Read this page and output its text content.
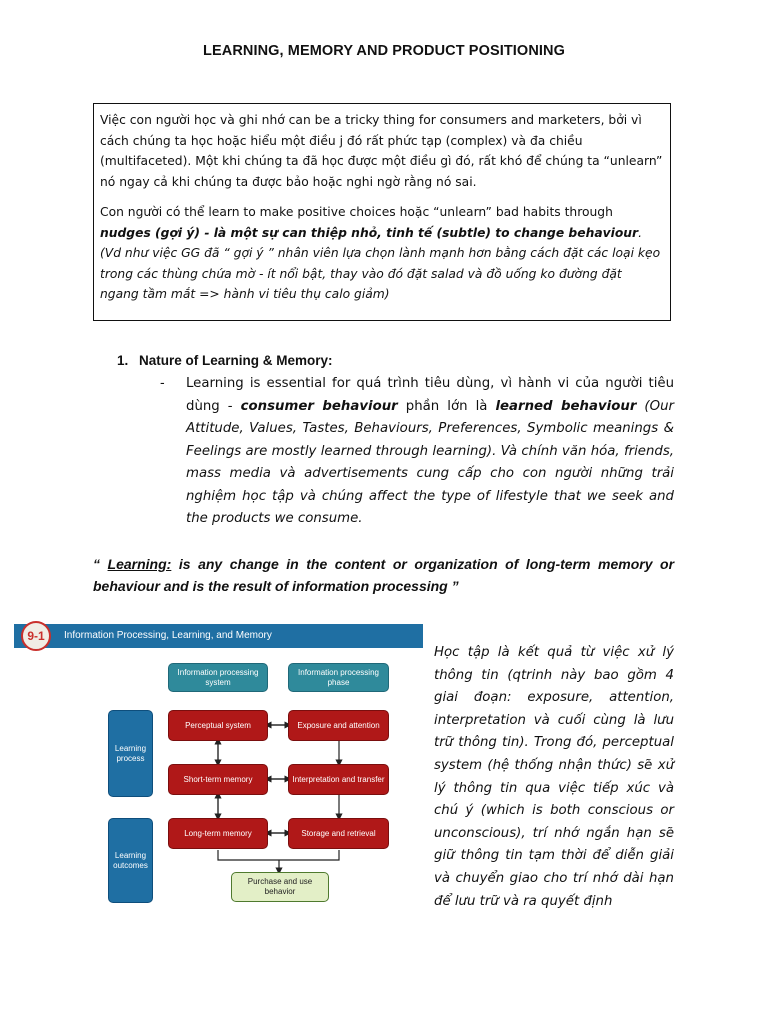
LEARNING, MEMORY AND PRODUCT POSITIONING

Việc con người học và ghi nhớ can be a tricky thing for consumers and marketers, bởi vì cách chúng ta học hoặc hiểu một điều j đó rất phức tạp (complex) và đa chiều (multifaceted). Một khi chúng ta đã học được một điều gì đó, rất khó để chúng ta “unlearn” nó ngay cả khi chúng ta được bảo hoặc nghi ngờ rằng nó sai.

Con người có thể learn to make positive choices hoặc “unlearn” bad habits through nudges (gợi ý) - là một sự can thiệp nhỏ, tinh tế (subtle) to change behaviour. (Vd như việc GG đã “ gợi ý ” nhân viên lựa chọn lành mạnh hơn bằng cách đặt các loại kẹo trong các thùng chứa mờ - ít nổi bật, thay vào đó đặt salad và đồ uống ko đường đặt ngang tầm mắt => hành vi tiêu thụ calo giảm)

1. Nature of Learning & Memory:
- Learning is essential for quá trình tiêu dùng, vì hành vi của người tiêu dùng - consumer behaviour phần lớn là learned behaviour (Our Attitude, Values, Tastes, Behaviours, Preferences, Symbolic meanings & Feelings are mostly learned through learning). Và chính văn hóa, friends, mass media và advertisements cung cấp cho con người những trải nghiệm học tập và chúng affect the type of lifestyle that we seek and the products we consume.
“ Learning: is any change in the content or organization of long-term memory or behaviour and is the result of information processing ”
Information Processing, Learning, and Memory
9-1
Information processing system
Information processing phase
Perceptual system	Exposure and attention
Short-term memory	Interpretation and transfer
Long-term memory	Storage and retrieval
Purchase and use behavior
Learning process
Learning outcomes
Học tập là kết quả từ việc xử lý thông tin (qtrinh này bao gồm 4 giai đoạn: exposure, attention, interpretation và cuối cùng là lưu trữ thông tin). Trong đó, perceptual system (hệ thống nhận thức) sẽ xử lý thông tin qua việc tiếp xúc và chú ý (which is both conscious or unconscious), trí nhớ ngắn hạn sẽ giữ thông tin tạm thời để diễn giải và chuyển giao cho trí nhớ dài hạn để lưu trữ và ra quyết định
